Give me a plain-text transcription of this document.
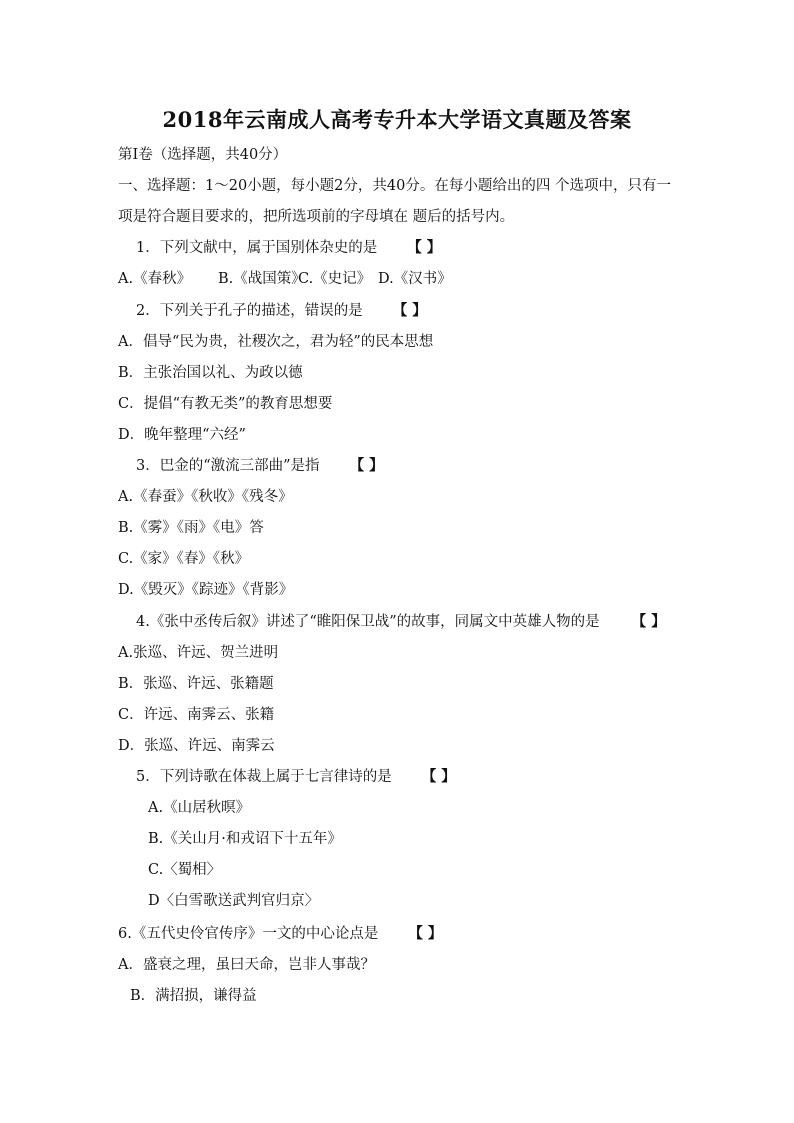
2018年云南成人高考专升本大学语文真题及答案
第Ⅰ卷（选择题，共40分）
一、选择题：1～20小题，每小题2分，共40分。在每小题给出的四 个选项中，只有一
项是符合题目要求的，把所选项前的字母填在 题后的括号内。
1．下列文献中，属于国别体杂史的是 【 】
A.《春秋》 B.《战国策》C.《史记》 D.《汉书》
2．下列关于孔子的描述，错误的是 【 】
A．倡导“民为贵，社稷次之，君为轻”的民本思想
B．主张治国以礼、为政以德
C．提倡“有教无类”的教育思想要
D．晚年整理“六经”
3．巴金的“激流三部曲”是指 【 】
A.《春蚕》《秋收》《残冬》
B.《雾》《雨》《电》答
C.《家》《春》《秋》
D.《毁灭》《踪迹》《背影》
4.《张中丞传后叙》讲述了“睢阳保卫战”的故事，同属文中英雄人物的是 【 】
A.张巡、许远、贺兰进明
B．张巡、许远、张籍题
C．许远、南霁云、张籍
D．张巡、许远、南霁云
5．下列诗歌在体裁上属于七言律诗的是 【 】
A.《山居秋暝》
B.《关山月·和戎诏下十五年》
C.〈蜀相〉
D〈白雪歌送武判官归京〉
6.《五代史伶官传序》一文的中心论点是 【 】
A．盛衰之理，虽曰天命，岂非人事哉？
B．满招损，谦得益
